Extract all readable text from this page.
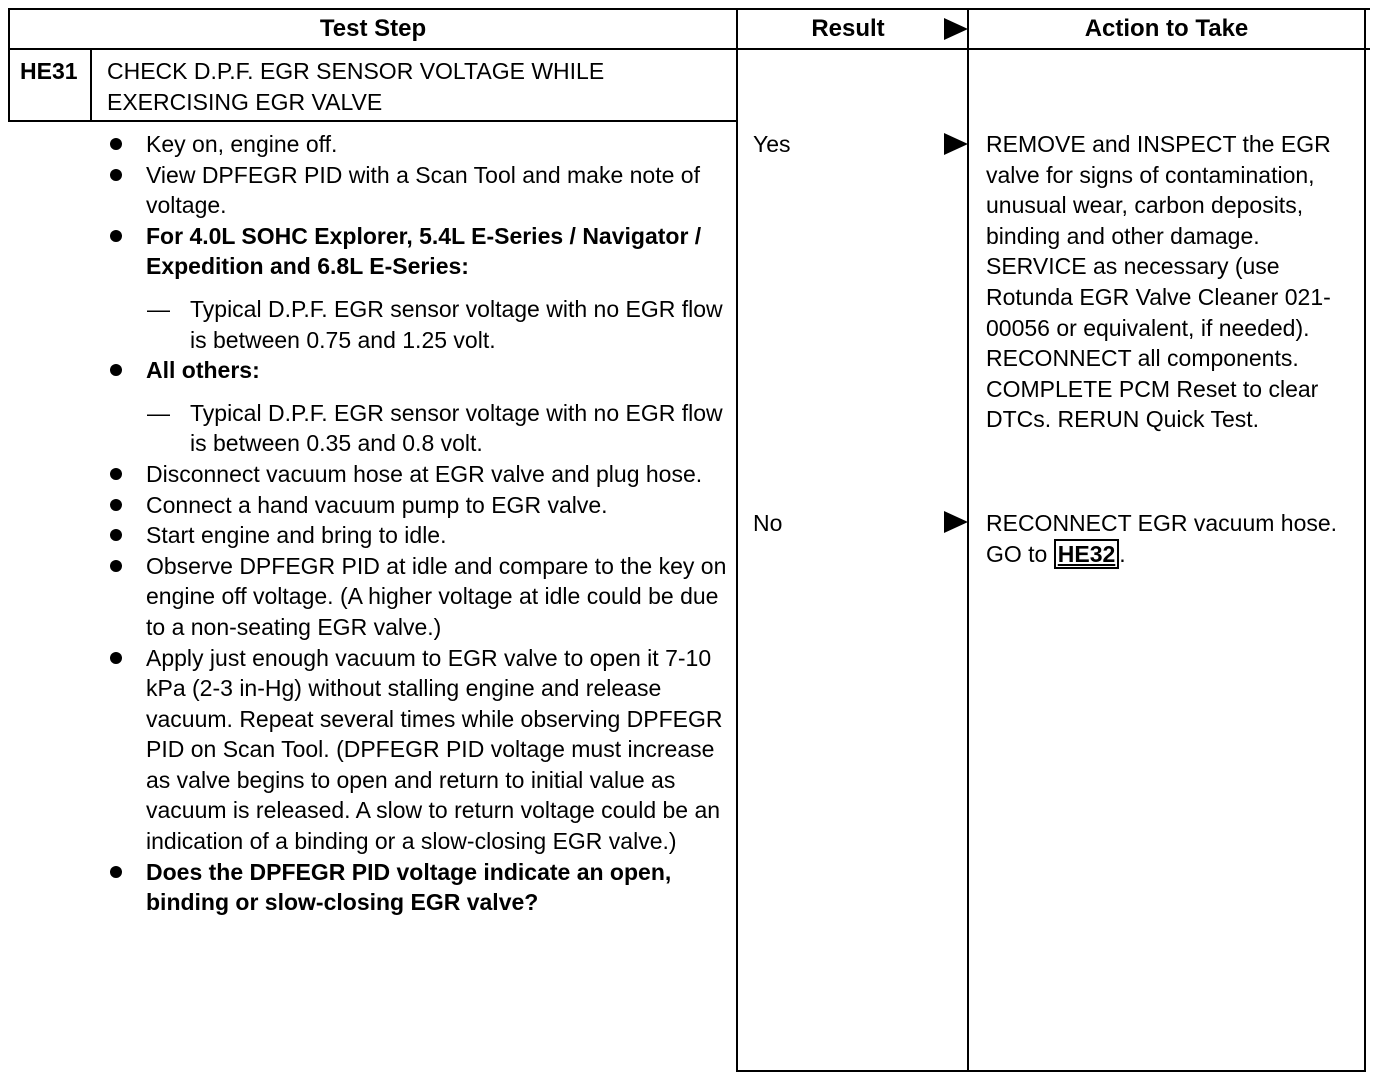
Test Step	Result	Action to Take
HE31 CHECK D.P.F. EGR SENSOR VOLTAGE WHILE
EXERCISING EGR VALVE
Key on, engine off.
View DPFEGR PID with a Scan Tool and make note of voltage.
For 4.0L SOHC Explorer, 5.4L E-Series / Navigator / Expedition and 6.8L E-Series:
— Typical D.P.F. EGR sensor voltage with no EGR flow is between 0.75 and 1.25 volt.
All others:
— Typical D.P.F. EGR sensor voltage with no EGR flow is between 0.35 and 0.8 volt.
Disconnect vacuum hose at EGR valve and plug hose.
Connect a hand vacuum pump to EGR valve.
Start engine and bring to idle.
Observe DPFEGR PID at idle and compare to the key on engine off voltage. (A higher voltage at idle could be due to a non-seating EGR valve.)
Apply just enough vacuum to EGR valve to open it 7-10 kPa (2-3 in-Hg) without stalling engine and release vacuum. Repeat several times while observing DPFEGR PID on Scan Tool. (DPFEGR PID voltage must increase as valve begins to open and return to initial value as vacuum is released. A slow to return voltage could be an indication of a binding or a slow-closing EGR valve.)
Does the DPFEGR PID voltage indicate an open, binding or slow-closing EGR valve?
Yes
No
REMOVE and INSPECT the EGR valve for signs of contamination, unusual wear, carbon deposits, binding and other damage. SERVICE as necessary (use Rotunda EGR Valve Cleaner 021-00056 or equivalent, if needed). RECONNECT all components. COMPLETE PCM Reset to clear DTCs. RERUN Quick Test.
RECONNECT EGR vacuum hose. GO to HE32 .
